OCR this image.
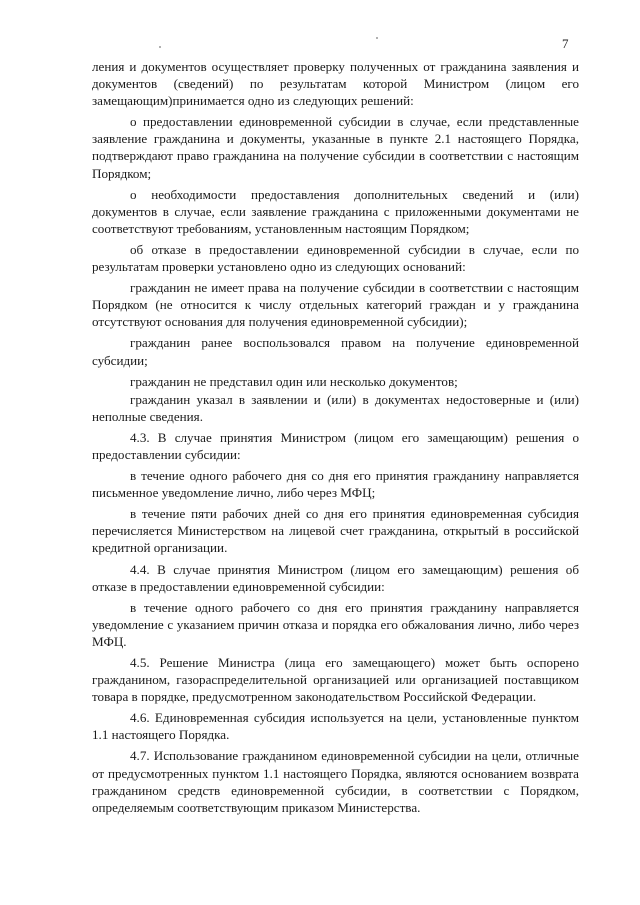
7

ления и документов осуществляет проверку полученных от гражданина заявления и документов (сведений) по результатам которой Министром (лицом его замещающим)принимается одно из следующих решений:

о предоставлении единовременной субсидии в случае, если представленные заявление гражданина и документы, указанные в пункте 2.1 настоящего Порядка, подтверждают право гражданина на получение субсидии в соответствии с настоящим Порядком;

о необходимости предоставления дополнительных сведений и (или) документов в случае, если заявление гражданина с приложенными документами не соответствуют требованиям, установленным настоящим Порядком;

об отказе в предоставлении единовременной субсидии в случае, если по результатам проверки установлено одно из следующих оснований:

гражданин не имеет права на получение субсидии в соответствии с настоящим Порядком (не относится к числу отдельных категорий граждан и у гражданина отсутствуют основания для получения единовременной субсидии);

гражданин ранее воспользовался правом на получение единовременной субсидии;

гражданин не представил один или несколько документов;

гражданин указал в заявлении и (или) в документах недостоверные и (или) неполные сведения.

4.3. В случае принятия Министром (лицом его замещающим) решения о предоставлении субсидии:

в течение одного рабочего дня со дня его принятия гражданину направляется письменное уведомление лично, либо через МФЦ;

в течение пяти рабочих дней со дня его принятия единовременная субсидия перечисляется Министерством на лицевой счет гражданина, открытый в российской кредитной организации.

4.4. В случае принятия Министром (лицом его замещающим) решения об отказе в предоставлении единовременной субсидии:

в течение одного рабочего со дня его принятия гражданину направляется уведомление с указанием причин отказа и порядка его обжалования лично, либо через МФЦ.

4.5. Решение Министра (лица его замещающего) может быть оспорено гражданином, газораспределительной организацией или организацией поставщиком товара в порядке, предусмотренном законодательством Российской Федерации.

4.6. Единовременная субсидия используется на цели, установленные пунктом 1.1 настоящего Порядка.

4.7. Использование гражданином единовременной субсидии на цели, отличные от предусмотренных пунктом 1.1 настоящего Порядка, являются основанием возврата гражданином средств единовременной субсидии, в соответствии с Порядком, определяемым соответствующим приказом Министерства.
